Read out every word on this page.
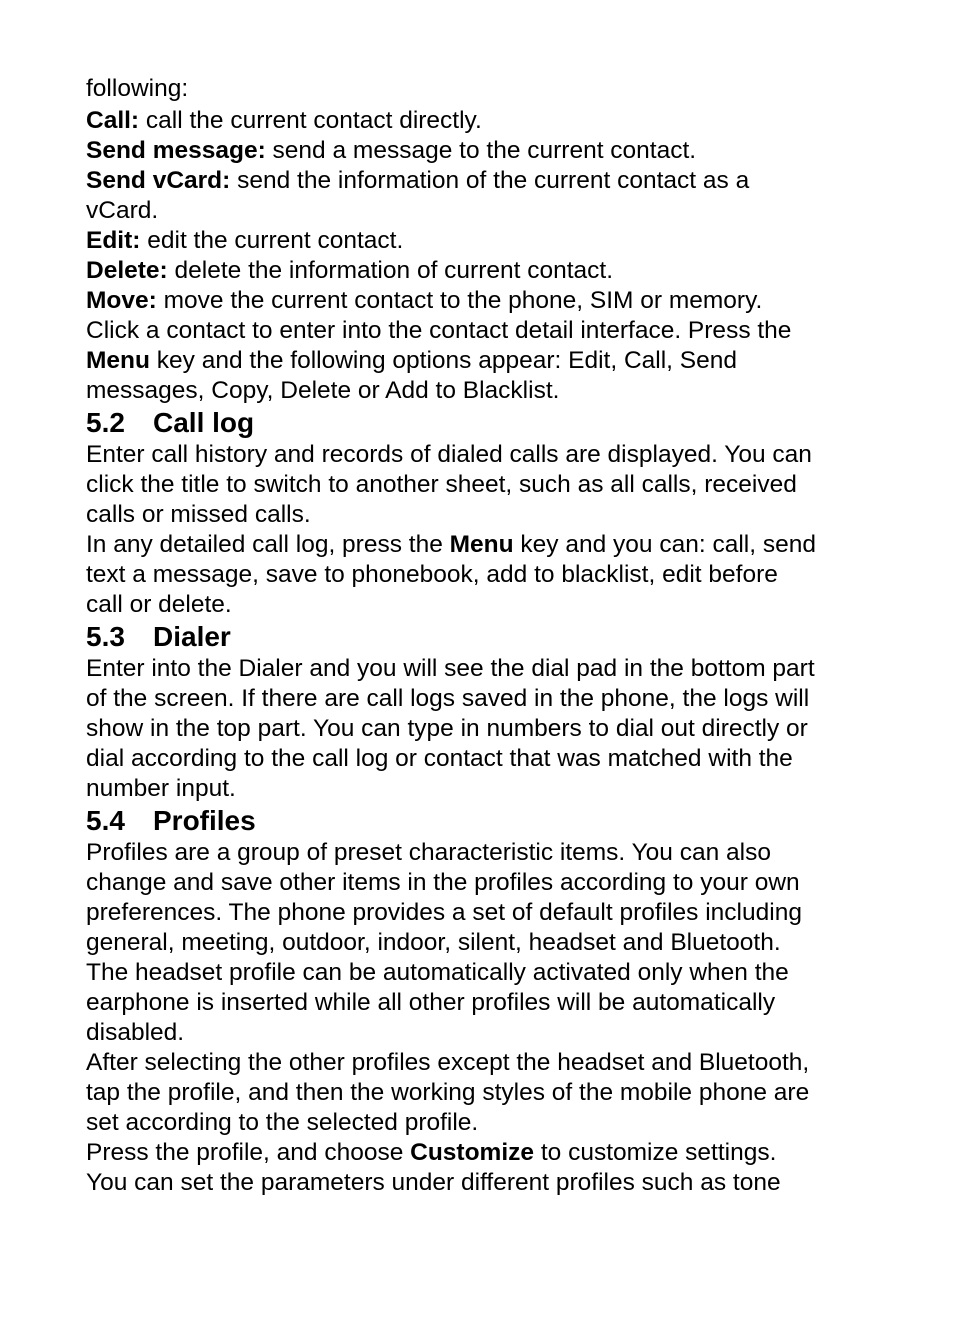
following:
Call: call the current contact directly.
Send message: send a message to the current contact.
Send vCard: send the information of the current contact as a
vCard.
Edit: edit the current contact.
Delete: delete the information of current contact.
Move: move the current contact to the phone, SIM or memory.
Click a contact to enter into the contact detail interface. Press the
Menu key and the following options appear: Edit, Call, Send
messages, Copy, Delete or Add to Blacklist.
5.2 Call log
Enter call history and records of dialed calls are displayed. You can
click the title to switch to another sheet, such as all calls, received
calls or missed calls.
In any detailed call log, press the Menu key and you can: call, send
text a message, save to phonebook, add to blacklist, edit before
call or delete.
5.3 Dialer
Enter into the Dialer and you will see the dial pad in the bottom part
of the screen. If there are call logs saved in the phone, the logs will
show in the top part. You can type in numbers to dial out directly or
dial according to the call log or contact that was matched with the
number input.
5.4 Profiles
Profiles are a group of preset characteristic items. You can also
change and save other items in the profiles according to your own
preferences. The phone provides a set of default profiles including
general, meeting, outdoor, indoor, silent, headset and Bluetooth.
The headset profile can be automatically activated only when the
earphone is inserted while all other profiles will be automatically
disabled.
After selecting the other profiles except the headset and Bluetooth,
tap the profile, and then the working styles of the mobile phone are
set according to the selected profile.
Press the profile, and choose Customize to customize settings.
You can set the parameters under different profiles such as tone
